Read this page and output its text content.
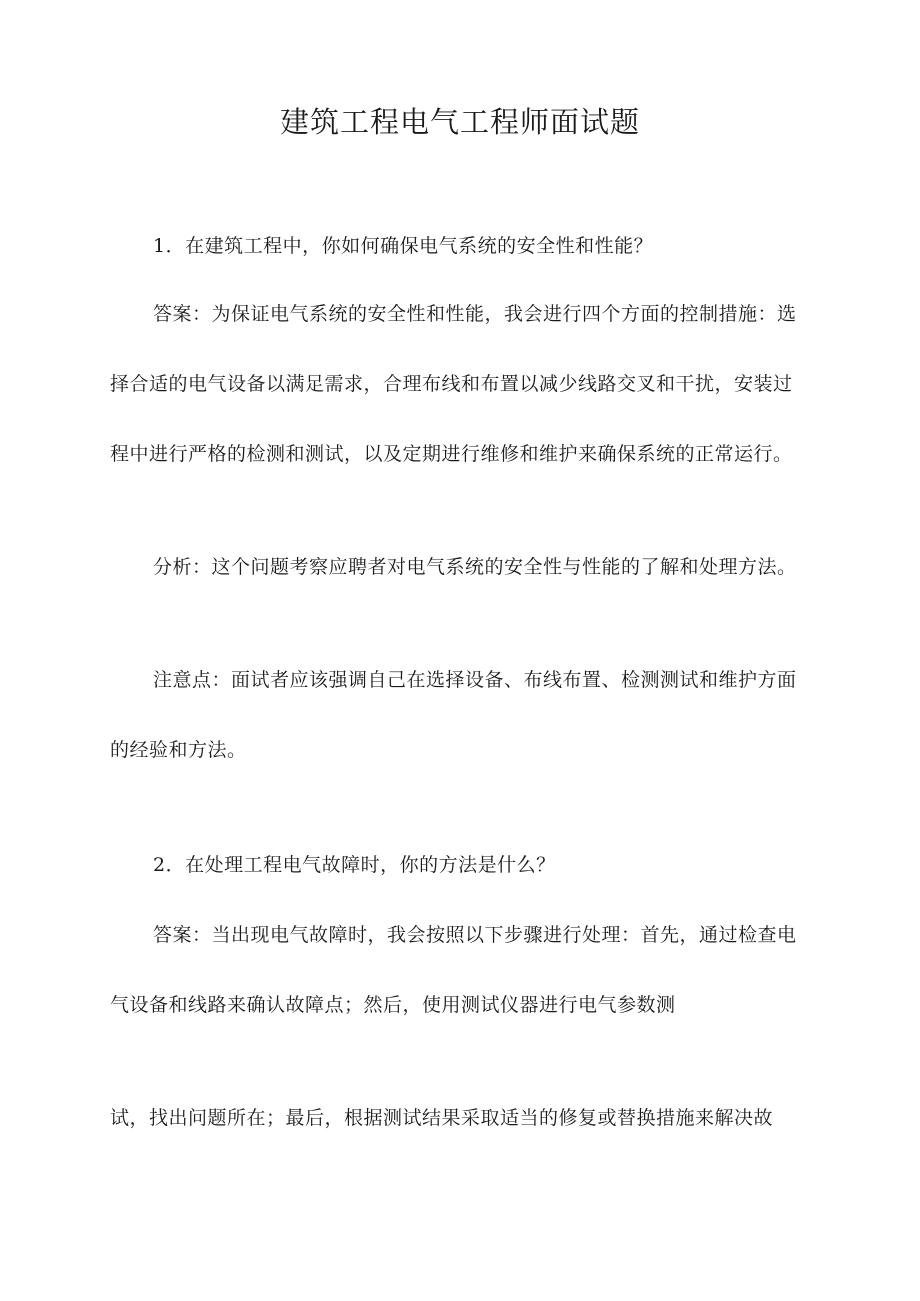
建筑工程电气工程师面试题
1．在建筑工程中，你如何确保电气系统的安全性和性能？
答案：为保证电气系统的安全性和性能，我会进行四个方面的控制措施：选
择合适的电气设备以满足需求，合理布线和布置以减少线路交叉和干扰，安装过
程中进行严格的检测和测试，以及定期进行维修和维护来确保系统的正常运行。
分析：这个问题考察应聘者对电气系统的安全性与性能的了解和处理方法。
注意点：面试者应该强调自己在选择设备、布线布置、检测测试和维护方面
的经验和方法。
2．在处理工程电气故障时，你的方法是什么？
答案：当出现电气故障时，我会按照以下步骤进行处理：首先，通过检查电
气设备和线路来确认故障点；然后，使用测试仪器进行电气参数测
试，找出问题所在；最后，根据测试结果采取适当的修复或替换措施来解决故
